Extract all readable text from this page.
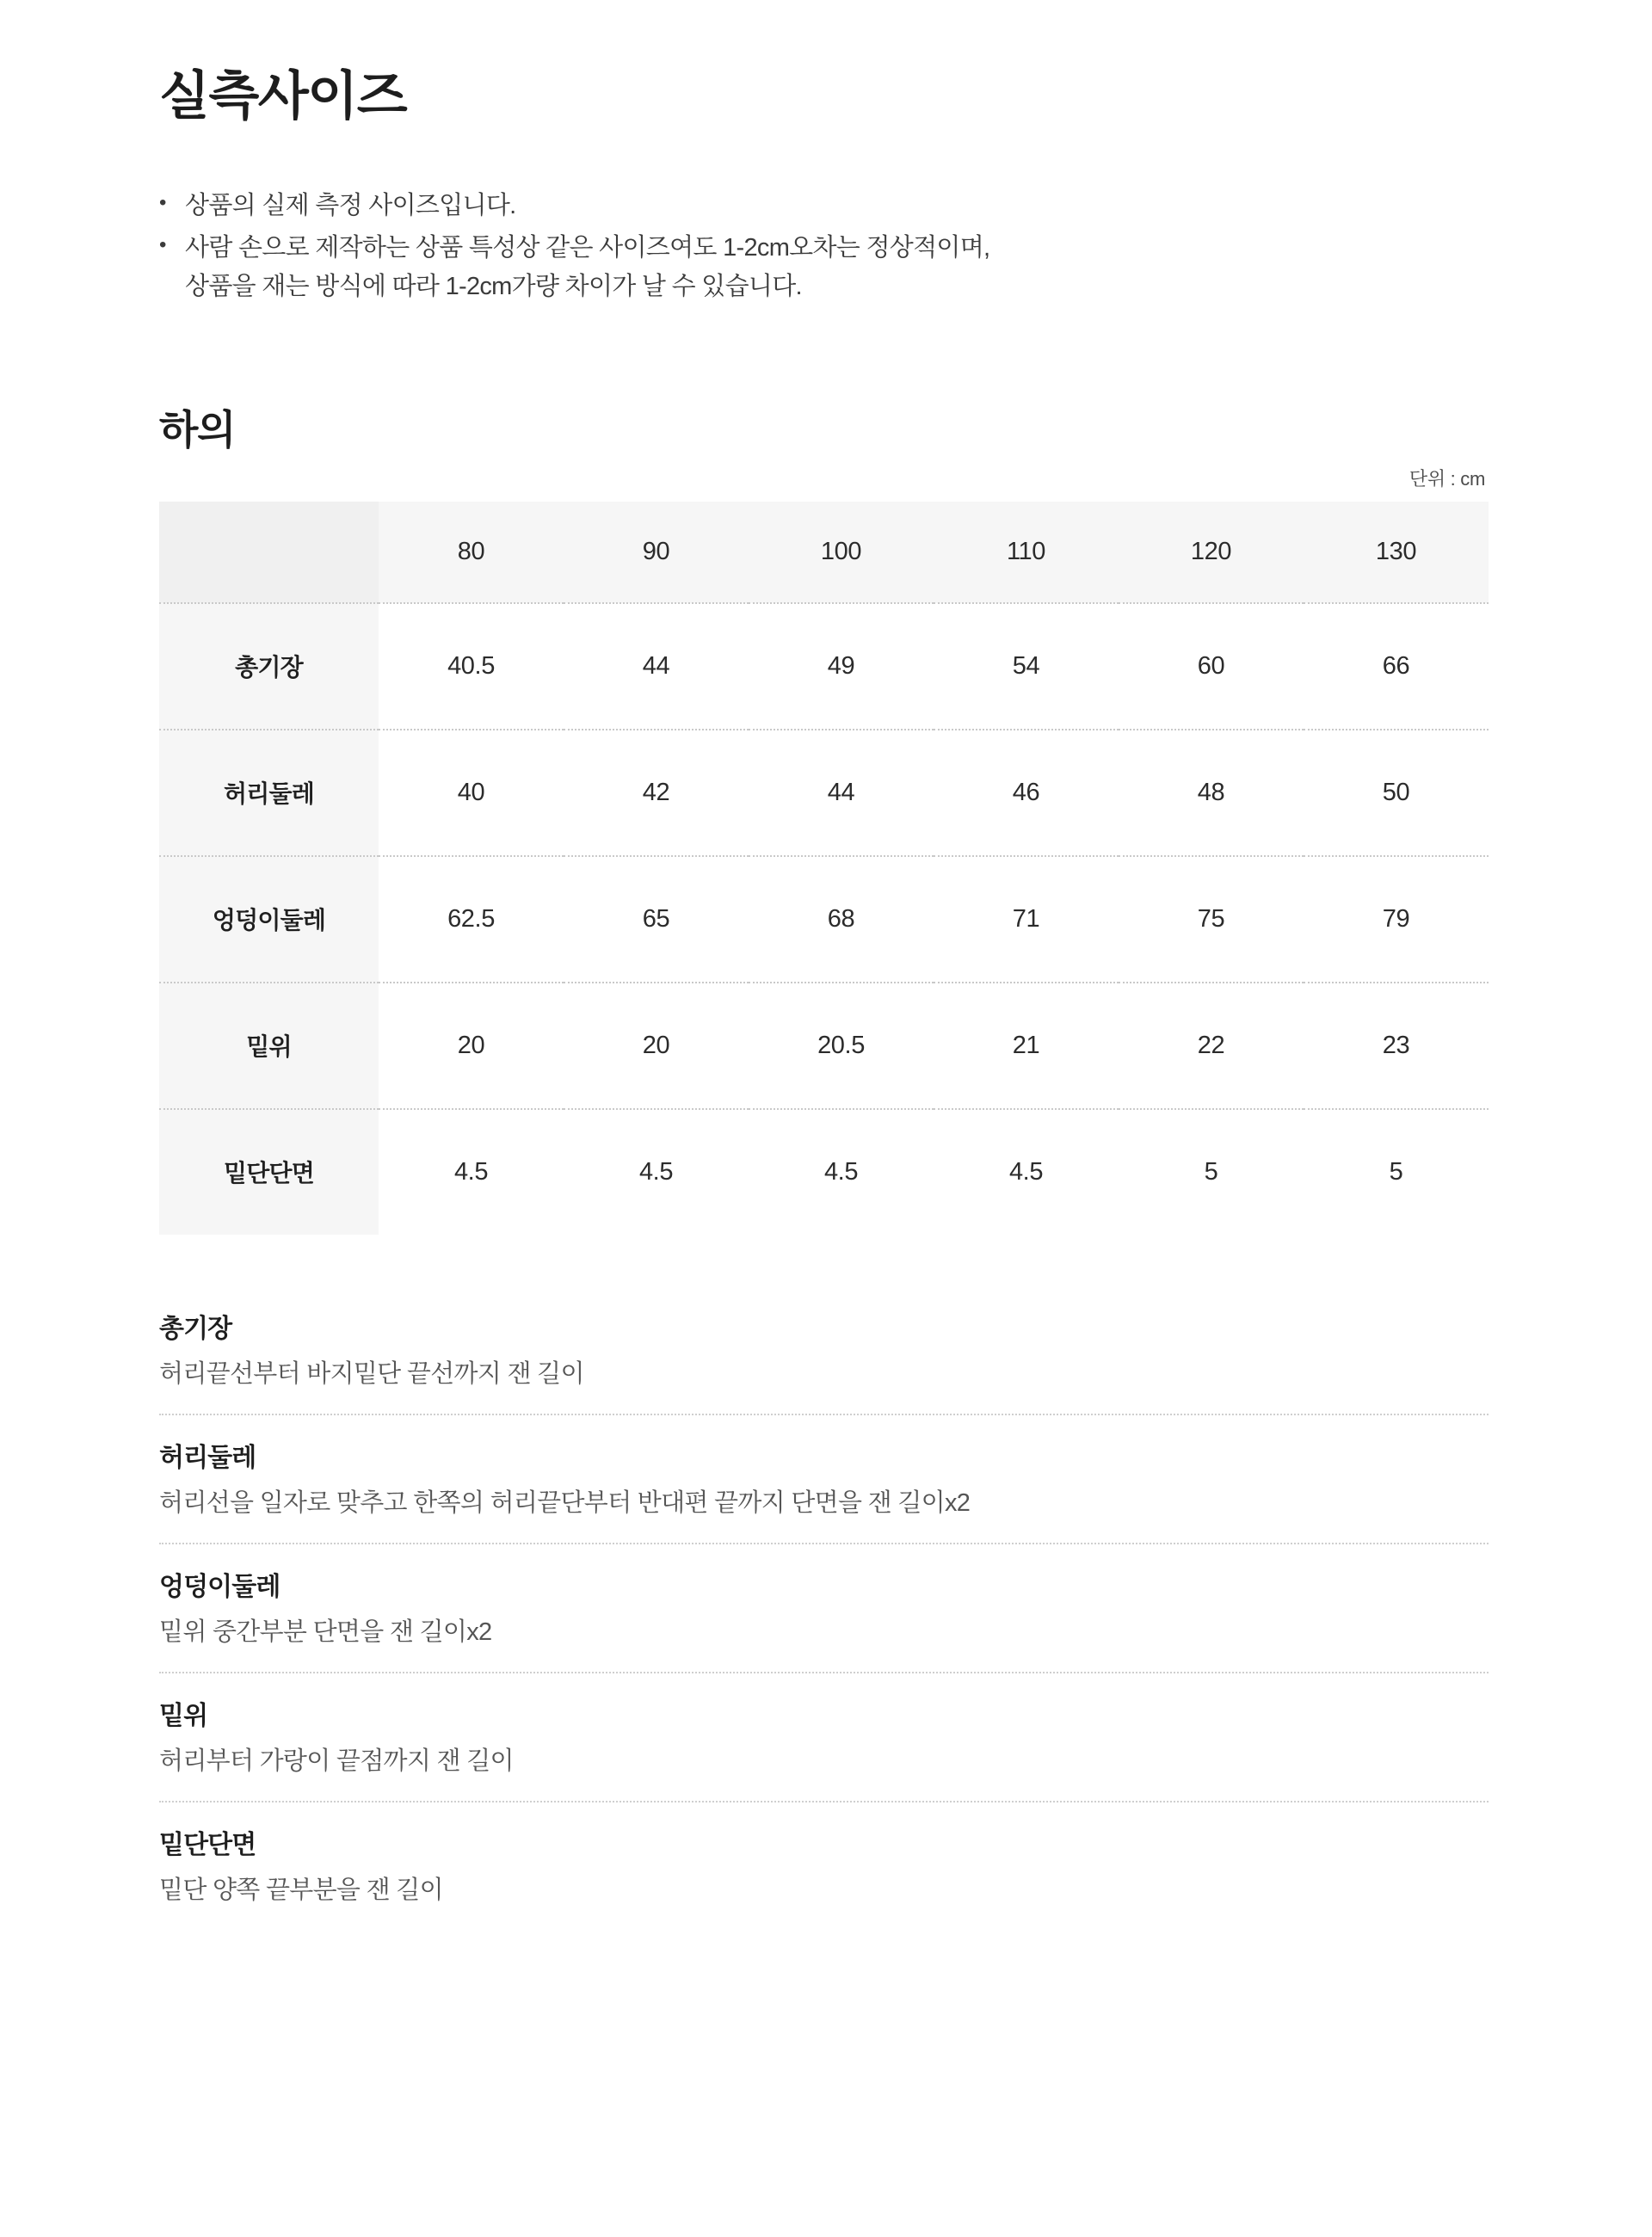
실측사이즈
• 상품의 실제 측정 사이즈입니다.
• 사람 손으로 제작하는 상품 특성상 같은 사이즈여도 1-2cm오차는 정상적이며,
상품을 재는 방식에 따라 1-2cm가량 차이가 날 수 있습니다.
하의
단위 : cm
	80	90	100	110	120	130
총기장	40.5	44	49	54	60	66
허리둘레	40	42	44	46	48	50
엉덩이둘레	62.5	65	68	71	75	79
밑위	20	20	20.5	21	22	23
밑단단면	4.5	4.5	4.5	4.5	5	5
총기장
허리끝선부터 바지밑단 끝선까지 잰 길이
허리둘레
허리선을 일자로 맞추고 한쪽의 허리끝단부터 반대편 끝까지 단면을 잰 길이x2
엉덩이둘레
밑위 중간부분 단면을 잰 길이x2
밑위
허리부터 가랑이 끝점까지 잰 길이
밑단단면
밑단 양쪽 끝부분을 잰 길이
